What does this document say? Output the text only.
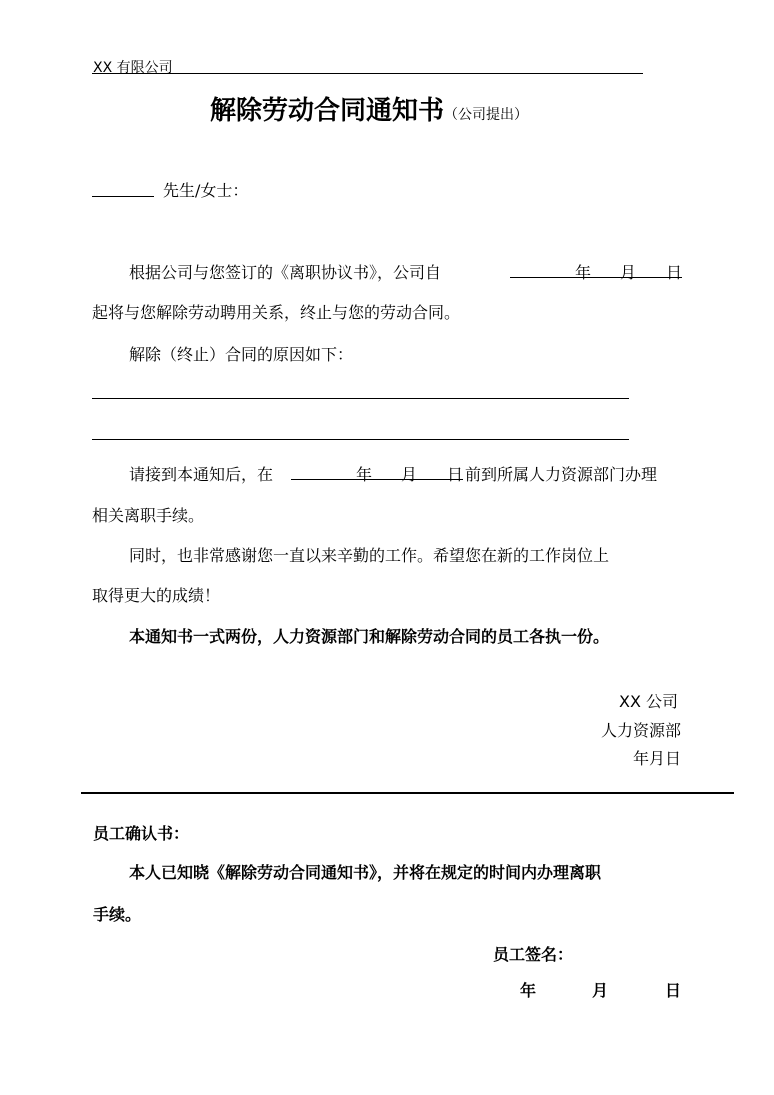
XX 有限公司
解除劳动合同通知书（公司提出）
先生/女士：
根据公司与您签订的《离职协议书》，公司自	年 月 日
起将与您解除劳动聘用关系，终止与您的劳动合同。
解除（终止）合同的原因如下：
请接到本通知后，在	年 月 日 前到所属人力资源部门办理
相关离职手续。
同时，也非常感谢您一直以来辛勤的工作。希望您在新的工作岗位上
取得更大的成绩！
本通知书一式两份，人力资源部门和解除劳动合同的员工各执一份。
XX 公司
人力资源部
年月日
员工确认书：
本人已知晓《解除劳动合同通知书》，并将在规定的时间内办理离职
手续。
员工签名：
年	月	日
